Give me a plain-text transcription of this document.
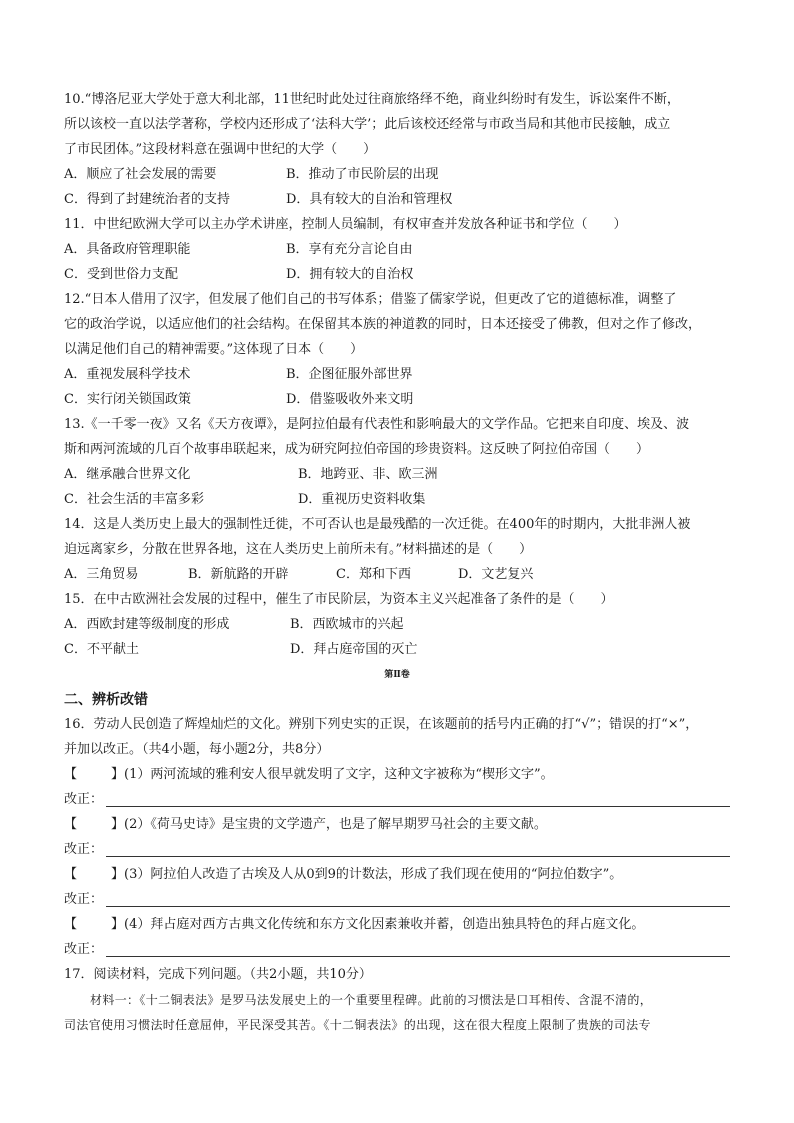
10.“博洛尼亚大学处于意大利北部，11世纪时此处过往商旅络绎不绝，商业纠纷时有发生，诉讼案件不断，
所以该校一直以法学著称，学校内还形成了‘法科大学’；此后该校还经常与市政当局和其他市民接触，成立
了市民团体。”这段材料意在强调中世纪的大学（　　）
A．顺应了社会发展的需要	B．推动了市民阶层的出现
C．得到了封建统治者的支持	D．具有较大的自治和管理权
11．中世纪欧洲大学可以主办学术讲座，控制人员编制，有权审查并发放各种证书和学位（　　）
A．具备政府管理职能	B．享有充分言论自由
C．受到世俗力支配	D．拥有较大的自治权
12.“日本人借用了汉字，但发展了他们自己的书写体系；借鉴了儒家学说，但更改了它的道德标准，调整了
它的政治学说，以适应他们的社会结构。在保留其本族的神道教的同时，日本还接受了佛教，但对之作了修改，
以满足他们自己的精神需要。”这体现了日本（　　）
A．重视发展科学技术	B．企图征服外部世界
C．实行闭关锁国政策	D．借鉴吸收外来文明
13.《一千零一夜》又名《天方夜谭》，是阿拉伯最有代表性和影响最大的文学作品。它把来自印度、埃及、波
斯和两河流域的几百个故事串联起来，成为研究阿拉伯帝国的珍贵资料。这反映了阿拉伯帝国（　　）
A．继承融合世界文化	B．地跨亚、非、欧三洲
C．社会生活的丰富多彩	D．重视历史资料收集
14．这是人类历史上最大的强制性迁徙，不可否认也是最残酷的一次迁徙。在400年的时期内，大批非洲人被
迫远离家乡，分散在世界各地，这在人类历史上前所未有。”材料描述的是（　　）
A．三角贸易	B．新航路的开辟	C．郑和下西	D．文艺复兴
15．在中古欧洲社会发展的过程中，催生了市民阶层，为资本主义兴起准备了条件的是（　　）
A．西欧封建等级制度的形成	B．西欧城市的兴起
C．不平献土	D．拜占庭帝国的灭亡
第Ⅱ卷
二、辨析改错
16．劳动人民创造了辉煌灿烂的文化。辨别下列史实的正误，在该题前的括号内正确的打“√”；错误的打“×”，
并加以改正。（共4小题，每小题2分，共8分）
【	】(1）两河流域的雅利安人很早就发明了文字，这种文字被称为“楔形文字”。
改正：
【	】(2）《荷马史诗》是宝贵的文学遗产，也是了解早期罗马社会的主要文献。
改正：
【	】(3）阿拉伯人改造了古埃及人从0到9的计数法，形成了我们现在使用的“阿拉伯数字”。
改正：
【	】(4）拜占庭对西方古典文化传统和东方文化因素兼收并蓄，创造出独具特色的拜占庭文化。
改正：
17．阅读材料，完成下列问题。（共2小题，共10分）
材料一：《十二铜表法》是罗马法发展史上的一个重要里程碑。此前的习惯法是口耳相传、含混不清的，
司法官使用习惯法时任意屈伸，平民深受其苦。《十二铜表法》的出现，这在很大程度上限制了贵族的司法专
